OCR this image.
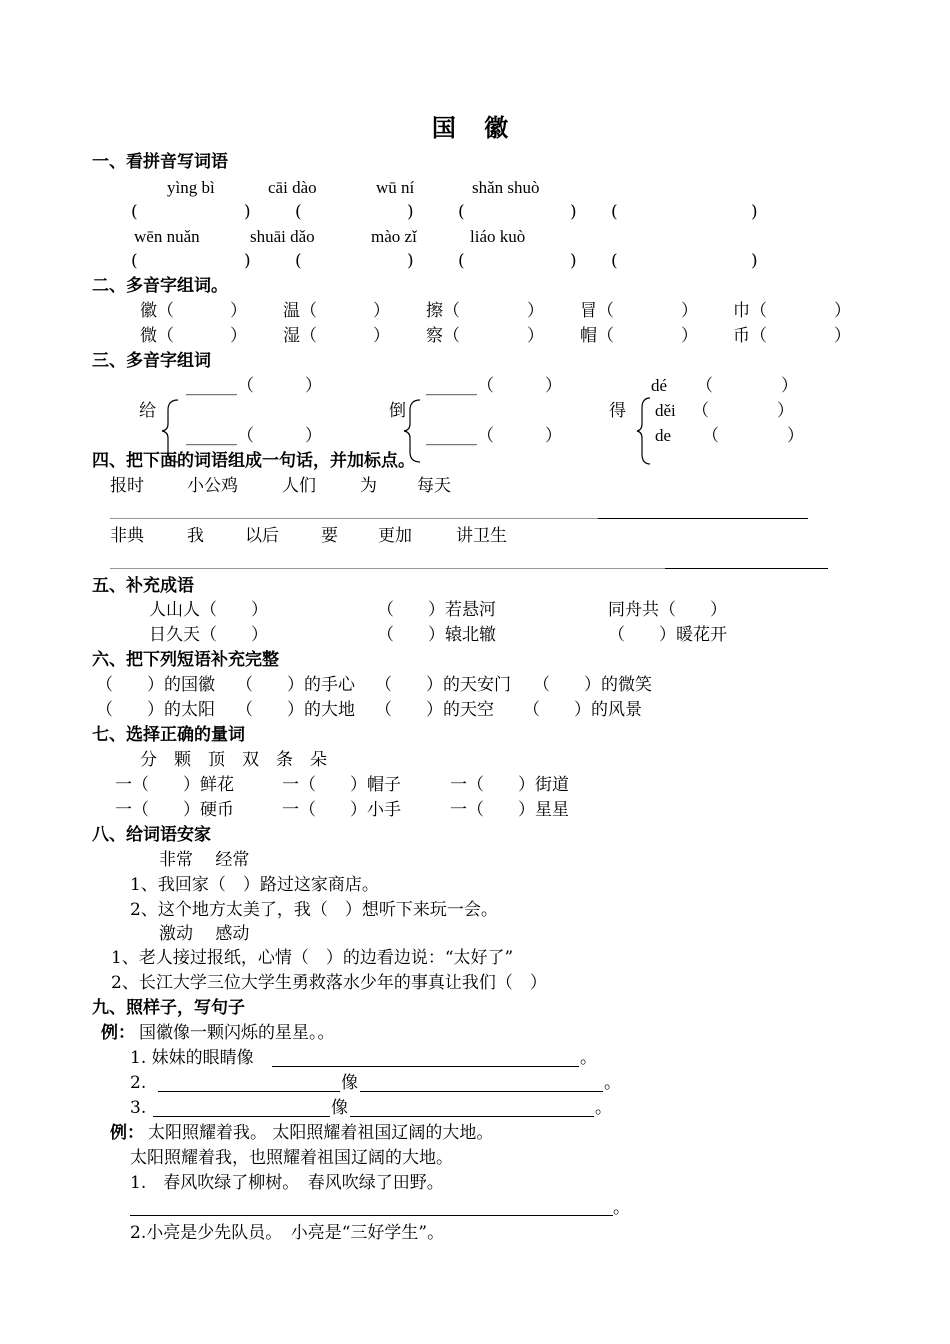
国 徽
一、看拼音写词语
yìng bì	cāi dào	wū ní	shǎn shuò
(	)	(	)	(	) (	)
wēn nuǎn	shuāi dǎo	mào zǐ	liáo kuò
(	)	(	)	(	) (	)
二、多音字组词。
徽（	） 温（	） 擦（	） 冒（	） 巾（	）
微（	） 湿（	） 察（	） 帽（	） 币（	）
三、多音字组词
______（　　　）
给
______（　　　）
______（　　　）
倒
______（　　　）
dé （　　　　）
得 děi （　　　　）
de （　　　　）
四、把下面的词语组成一句话，并加标点。
报时	小公鸡	人们	为 每天
非典	我 以后 要 更加	讲卫生
五、补充成语
人山人（　　）	（　　）若悬河	同舟共（　　）
日久天（　　）	（　　）辕北辙	（　　）暖花开
六、把下列短语补充完整
（　　）的国徽 （　　）的手心 （　　）的天安门 （　　）的微笑
（　　）的太阳 （　　）的大地 （　　）的天空 （　　）的风景
七、选择正确的量词
分　颗　顶　双　条　朵
一（　　）鲜花	一（　　）帽子	一（　　）街道
一（　　）硬币	一（　　）小手	一（　　）星星
八、给词语安家
非常　 经常
1、我回家（　）路过这家商店。
2、这个地方太美了，我（　）想听下来玩一会。
激动　 感动
1、老人接过报纸，心情（　）的边看边说：“太好了”
2、长江大学三位大学生勇救落水少年的事真让我们（　）
九、照样子，写句子
例： 国徽像一颗闪烁的星星。。
1. 妹妹的眼睛像	。
2.	像	。
3.	像	。
例： 太阳照耀着我。 太阳照耀着祖国辽阔的大地。
太阳照耀着我，也照耀着祖国辽阔的大地。
1.　春风吹绿了柳树。　春风吹绿了田野。
。
2.小亮是少先队员。　小亮是“三好学生”。
